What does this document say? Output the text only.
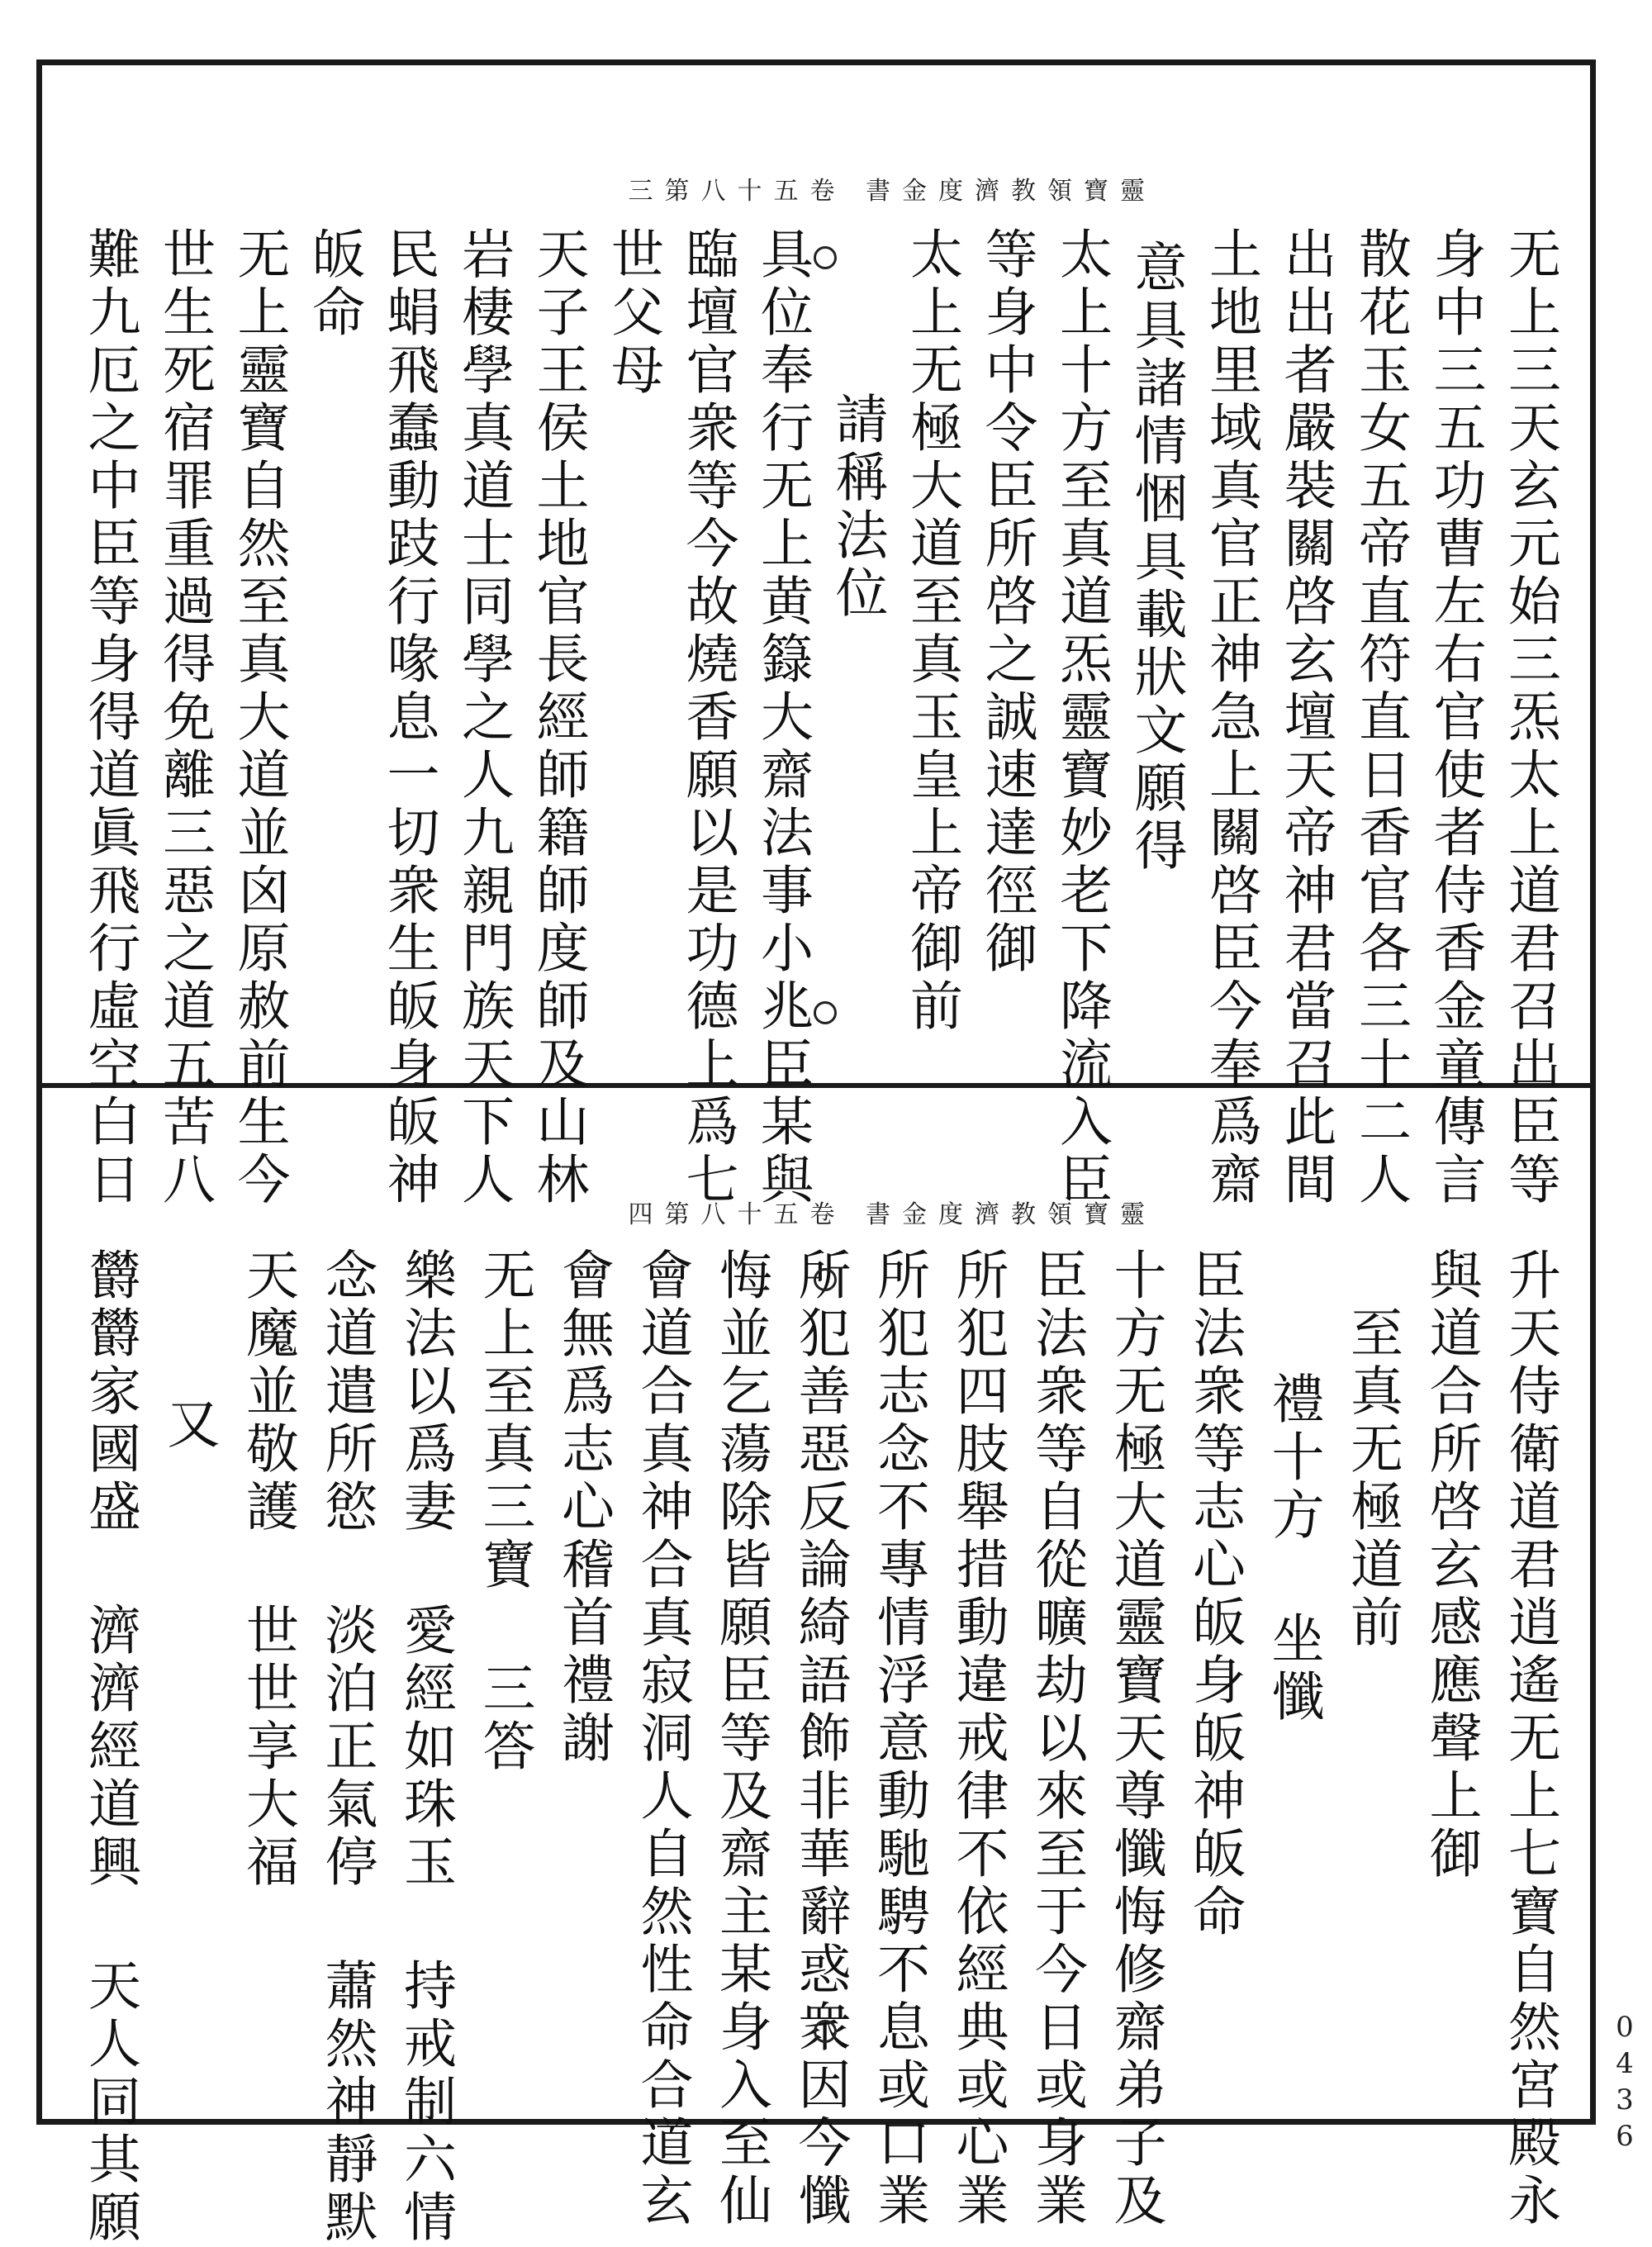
靈寶領教濟度金書 卷五十八第三
无上三天玄元始三炁太上道君召出臣等
身中三五功曹左右官使者侍香金童傳言
散花玉女五帝直符直日香官各三十二人
出出者嚴裝關啓玄壇天帝神君當召此間
土地里域真官正神急上關啓臣今奉爲齋
意具諸情悃具載狀文願得
太上十方至真道炁靈寶妙老下降流入臣
等身中令臣所啓之誠速達徑御
太上无極大道至真玉皇上帝御前
請稱法位
具位奉行无上黄籙大齋法事小兆臣某與
臨壇官衆等今故燒香願以是功德上爲七
世父母
天子王侯土地官長經師籍師度師及山林
岩棲學真道士同學之人九親門族天下人
民蜎飛蠢動跂行喙息一切衆生皈身皈神
皈命
无上靈寶自然至真大道並囟原赦前生今
世生死宿罪重過得免離三惡之道五苦八
難九厄之中臣等身得道眞飛行虛空白日
靈寶領教濟度金書 卷五十八第四
升天侍衛道君逍遙无上七寶自然宮殿永
與道合所啓玄感應聲上御
至真无極道前
禮十方 坐懺
臣法衆等志心皈身皈神皈命
十方无極大道靈寶天尊懺悔修齋弟子及
臣法衆等自從曠劫以來至于今日或身業
所犯四肢舉措動違戒律不依經典或心業
所犯志念不專情浮意動馳騁不息或口業
所犯善惡反論綺語飾非華辭惑衆因今懺
悔並乞蕩除皆願臣等及齋主某身入至仙
會道合真神合真寂洞人自然性命合道玄
會無爲志心稽首禮謝
无上至真三寶 三答
樂法以爲妻 愛經如珠玉 持戒制六情
念道遣所慾 淡泊正氣停 蕭然神靜默
天魔並敬護 世世享大福
又
欝欝家國盛 濟濟經道興 天人同其願	0436
